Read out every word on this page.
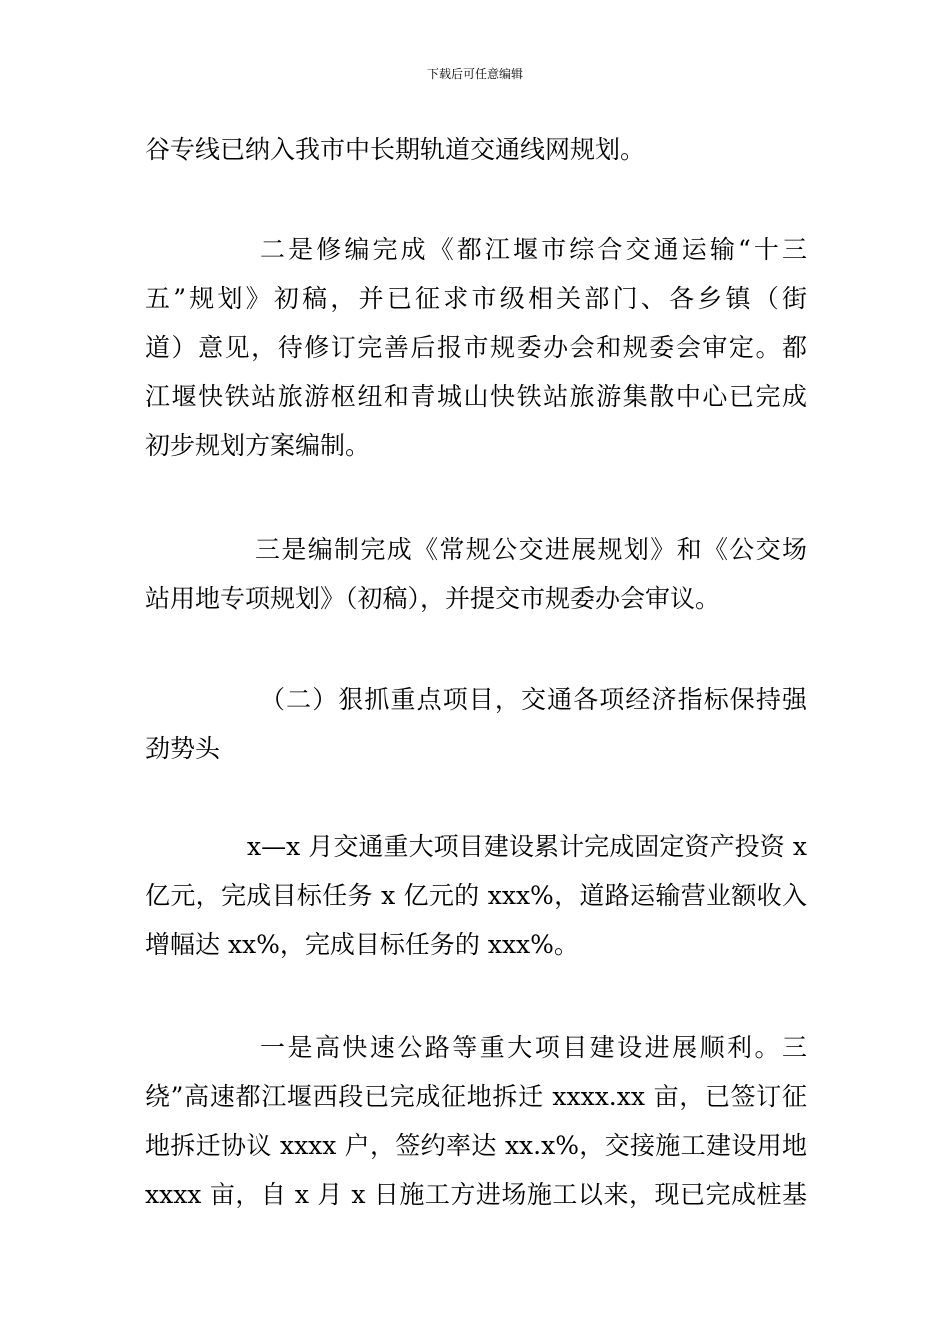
下载后可任意编辑
谷专线已纳入我市中长期轨道交通线网规划。
二是修编完成《都江堰市综合交通运输“十三
五”规划》初稿，并已征求市级相关部门、各乡镇（街
道）意见，待修订完善后报市规委办会和规委会审定。都
江堰快铁站旅游枢纽和青城山快铁站旅游集散中心已完成
初步规划方案编制。
三是编制完成《常规公交进展规划》和《公交场
站用地专项规划》（初稿），并提交市规委办会审议。
（二）狠抓重点项目，交通各项经济指标保持强
劲势头
x—x 月交通重大项目建设累计完成固定资产投资 x
亿元，完成目标任务 x 亿元的 xxx%，道路运输营业额收入
增幅达 xx%，完成目标任务的 xxx%。
一是高快速公路等重大项目建设进展顺利。三
绕”高速都江堰西段已完成征地拆迁 xxxx.xx 亩，已签订征
地拆迁协议 xxxx 户，签约率达 xx.x%，交接施工建设用地
xxxx 亩，自 x 月 x 日施工方进场施工以来，现已完成桩基
